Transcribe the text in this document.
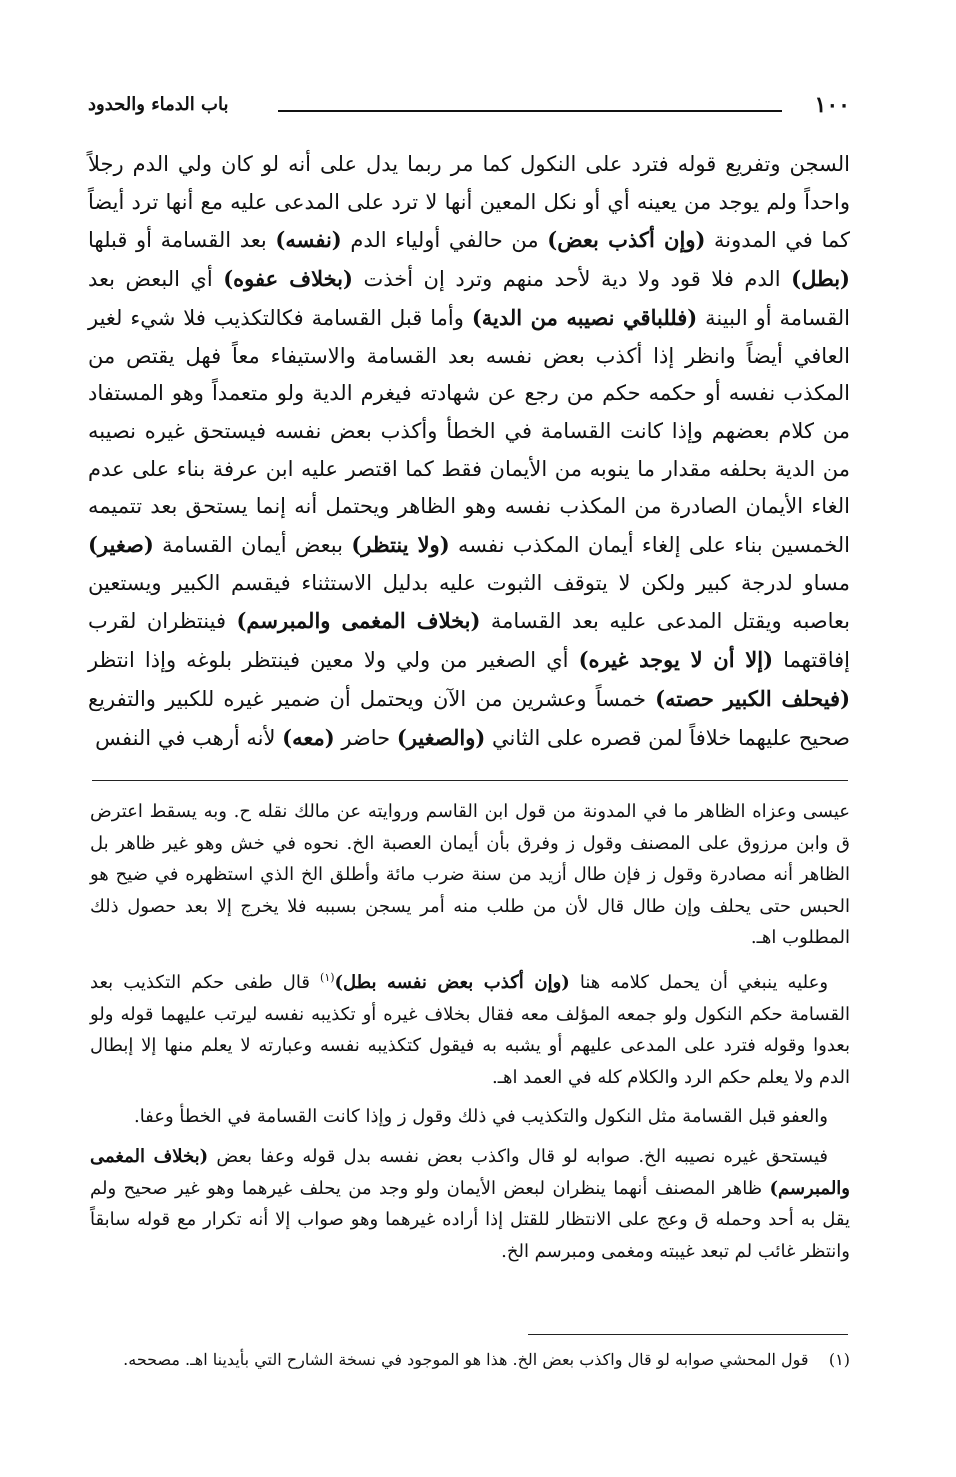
١٠٠
باب الدماء والحدود

السجن وتفريع قوله فترد على النكول كما مر ربما يدل على أنه لو كان ولي الدم رجلاً واحداً ولم يوجد من يعينه أي أو نكل المعين أنها لا ترد على المدعى عليه مع أنها ترد أيضاً كما في المدونة (وإن أكذب بعض) من حالفي أولياء الدم (نفسه) بعد القسامة أو قبلها (بطل) الدم فلا قود ولا دية لأحد منهم وترد إن أخذت (بخلاف عفوه) أي البعض بعد القسامة أو البينة (فللباقي نصيبه من الدية) وأما قبل القسامة فكالتكذيب فلا شيء لغير العافي أيضاً وانظر إذا أكذب بعض نفسه بعد القسامة والاستيفاء معاً فهل يقتص من المكذب نفسه أو حكمه حكم من رجع عن شهادته فيغرم الدية ولو متعمداً وهو المستفاد من كلام بعضهم وإذا كانت القسامة في الخطأ وأكذب بعض نفسه فيستحق غيره نصيبه من الدية بحلفه مقدار ما ينوبه من الأيمان فقط كما اقتصر عليه ابن عرفة بناء على عدم الغاء الأيمان الصادرة من المكذب نفسه وهو الظاهر ويحتمل أنه إنما يستحق بعد تتميمه الخمسين بناء على إلغاء أيمان المكذب نفسه (ولا ينتظر) ببعض أيمان القسامة (صغير) مساو لدرجة كبير ولكن لا يتوقف الثبوت عليه بدليل الاستثناء فيقسم الكبير ويستعين بعاصبه ويقتل المدعى عليه بعد القسامة (بخلاف المغمى والمبرسم) فينتظران لقرب إفاقتهما (إلا أن لا يوجد غيره) أي الصغير من ولي ولا معين فينتظر بلوغه وإذا انتظر (فيحلف الكبير حصته) خمساً وعشرين من الآن ويحتمل أن ضمير غيره للكبير والتفريع صحيح عليهما خلافاً لمن قصره على الثاني (والصغير) حاضر (معه) لأنه أرهب في النفس

عيسى وعزاه الظاهر ما في المدونة من قول ابن القاسم وروايته عن مالك نقله ح. وبه يسقط اعترض ق وابن مرزوق على المصنف وقول ز وفرق بأن أيمان العصبة الخ. نحوه في خش وهو غير ظاهر بل الظاهر أنه مصادرة وقول ز فإن طال أزيد من سنة ضرب مائة وأطلق الخ الذي استظهره في ضيح هو الحبس حتى يحلف وإن طال قال لأن من طلب منه أمر يسجن بسببه فلا يخرج إلا بعد حصول ذلك المطلوب اهـ.

وعليه ينبغي أن يحمل كلامه هنا (وإن أكذب بعض نفسه بطل)$^{(١)}$ قال طفى حكم التكذيب بعد القسامة حكم النكول ولو جمعه المؤلف معه فقال بخلاف غيره أو تكذيبه نفسه ليرتب عليهما قوله ولو بعدوا وقوله فترد على المدعى عليهم أو يشبه به فيقول كتكذيبه نفسه وعبارته لا يعلم منها إلا إبطال الدم ولا يعلم حكم الرد والكلام كله في العمد اهـ.

والعفو قبل القسامة مثل النكول والتكذيب في ذلك وقول ز وإذا كانت القسامة في الخطأ وعفا.

فيستحق غيره نصيبه الخ. صوابه لو قال واكذب بعض نفسه بدل قوله وعفا بعض (بخلاف المغمى والمبرسم) ظاهر المصنف أنهما ينظران لبعض الأيمان ولو وجد من يحلف غيرهما وهو غير صحيح ولم يقل به أحد وحمله ق وعج على الانتظار للقتل إذا أراده غيرهما وهو صواب إلا أنه تكرار مع قوله سابقاً وانتظر غائب لم تبعد غيبته ومغمى ومبرسم الخ.

(١)    قول المحشي صوابه لو قال واكذب بعض الخ. هذا هو الموجود في نسخة الشارح التي بأيدينا اهـ. مصححه.
